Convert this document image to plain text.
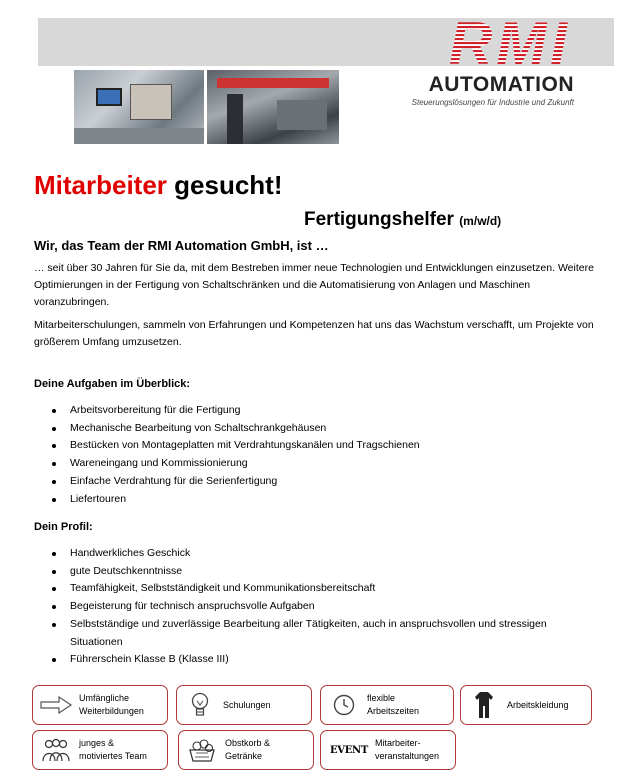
RMI
AUTOMATION
Steuerungslösungen für Industrie und Zukunft
Mitarbeiter gesucht!
Fertigungshelfer (m/w/d)
Wir, das Team der RMI Automation GmbH, ist …
… seit über 30 Jahren für Sie da, mit dem Bestreben immer neue Technologien und Entwicklungen einzusetzen. Weitere Optimierungen in der Fertigung von Schaltschränken und die Automatisierung von Anlagen und Maschinen voranzubringen.
Mitarbeiterschulungen, sammeln von Erfahrungen und Kompetenzen hat uns das Wachstum verschafft, um Projekte von größerem Umfang umzusetzen.
Deine Aufgaben im Überblick:
Arbeitsvorbereitung für die Fertigung
Mechanische Bearbeitung von Schaltschrankgehäusen
Bestücken von Montageplatten mit Verdrahtungskanälen und Tragschienen
Wareneingang und Kommissionierung
Einfache Verdrahtung für die Serienfertigung
Liefertouren
Dein Profil:
Handwerkliches Geschick
gute Deutschkenntnisse
Teamfähigkeit, Selbstständigkeit und Kommunikationsbereitschaft
Begeisterung für technisch anspruchsvolle Aufgaben
Selbstständige und zuverlässige Bearbeitung aller Tätigkeiten, auch in anspruchsvollen und stressigen Situationen
Führerschein Klasse B (Klasse III)
Umfängliche
Weiterbildungen
Schulungen
flexible
Arbeitszeiten
Arbeitskleidung
junges &
motiviertes Team
Obstkorb &
Getränke
EVENT
Mitarbeiter-
veranstaltungen
